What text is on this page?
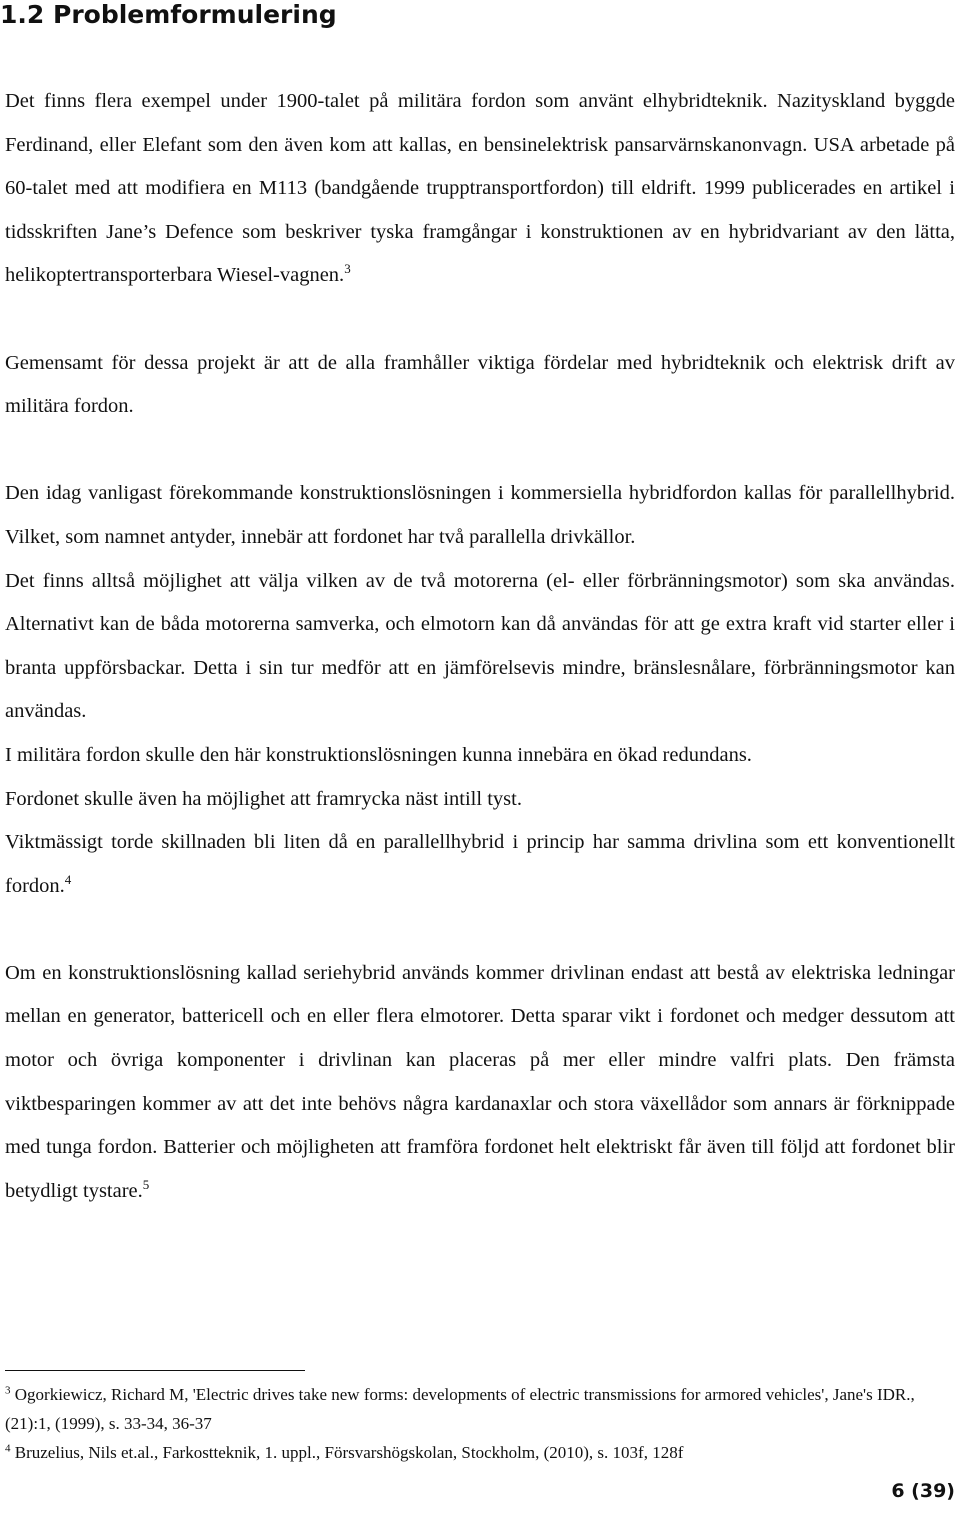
1.2 Problemformulering

Det finns flera exempel under 1900-talet på militära fordon som använt elhybridteknik. Nazityskland byggde Ferdinand, eller Elefant som den även kom att kallas, en bensinelektrisk pansarvärnskanonvagn. USA arbetade på 60-talet med att modifiera en M113 (bandgående trupptransportfordon) till eldrift. 1999 publicerades en artikel i tidsskriften Jane’s Defence som beskriver tyska framgångar i konstruktionen av en hybridvariant av den lätta, helikoptertransporterbara Wiesel-vagnen.$^3$

Gemensamt för dessa projekt är att de alla framhåller viktiga fördelar med hybridteknik och elektrisk drift av militära fordon.

Den idag vanligast förekommande konstruktionslösningen i kommersiella hybridfordon kallas för parallellhybrid. Vilket, som namnet antyder, innebär att fordonet har två parallella drivkällor.

Det finns alltså möjlighet att välja vilken av de två motorerna (el- eller förbränningsmotor) som ska användas. Alternativt kan de båda motorerna samverka, och elmotorn kan då användas för att ge extra kraft vid starter eller i branta uppförsbackar. Detta i sin tur medför att en jämförelsevis mindre, bränslesnålare, förbränningsmotor kan användas.

I militära fordon skulle den här konstruktionslösningen kunna innebära en ökad redundans.

Fordonet skulle även ha möjlighet att framrycka näst intill tyst.

Viktmässigt torde skillnaden bli liten då en parallellhybrid i princip har samma drivlina som ett konventionellt fordon.$^4$

Om en konstruktionslösning kallad seriehybrid används kommer drivlinan endast att bestå av elektriska ledningar mellan en generator, battericell och en eller flera elmotorer. Detta sparar vikt i fordonet och medger dessutom att motor och övriga komponenter i drivlinan kan placeras på mer eller mindre valfri plats. Den främsta viktbesparingen kommer av att det inte behövs några kardanaxlar och stora växellådor som annars är förknippade med tunga fordon. Batterier och möjligheten att framföra fordonet helt elektriskt får även till följd att fordonet blir betydligt tystare.$^5$

$^3$ Ogorkiewicz, Richard M, 'Electric drives take new forms: developments of electric transmissions for armored vehicles', Jane's IDR., (21):1, (1999), s. 33-34, 36-37

$^4$ Bruzelius, Nils et.al., Farkostteknik, 1. uppl., Försvarshögskolan, Stockholm, (2010), s. 103f, 128f

6 (39)
